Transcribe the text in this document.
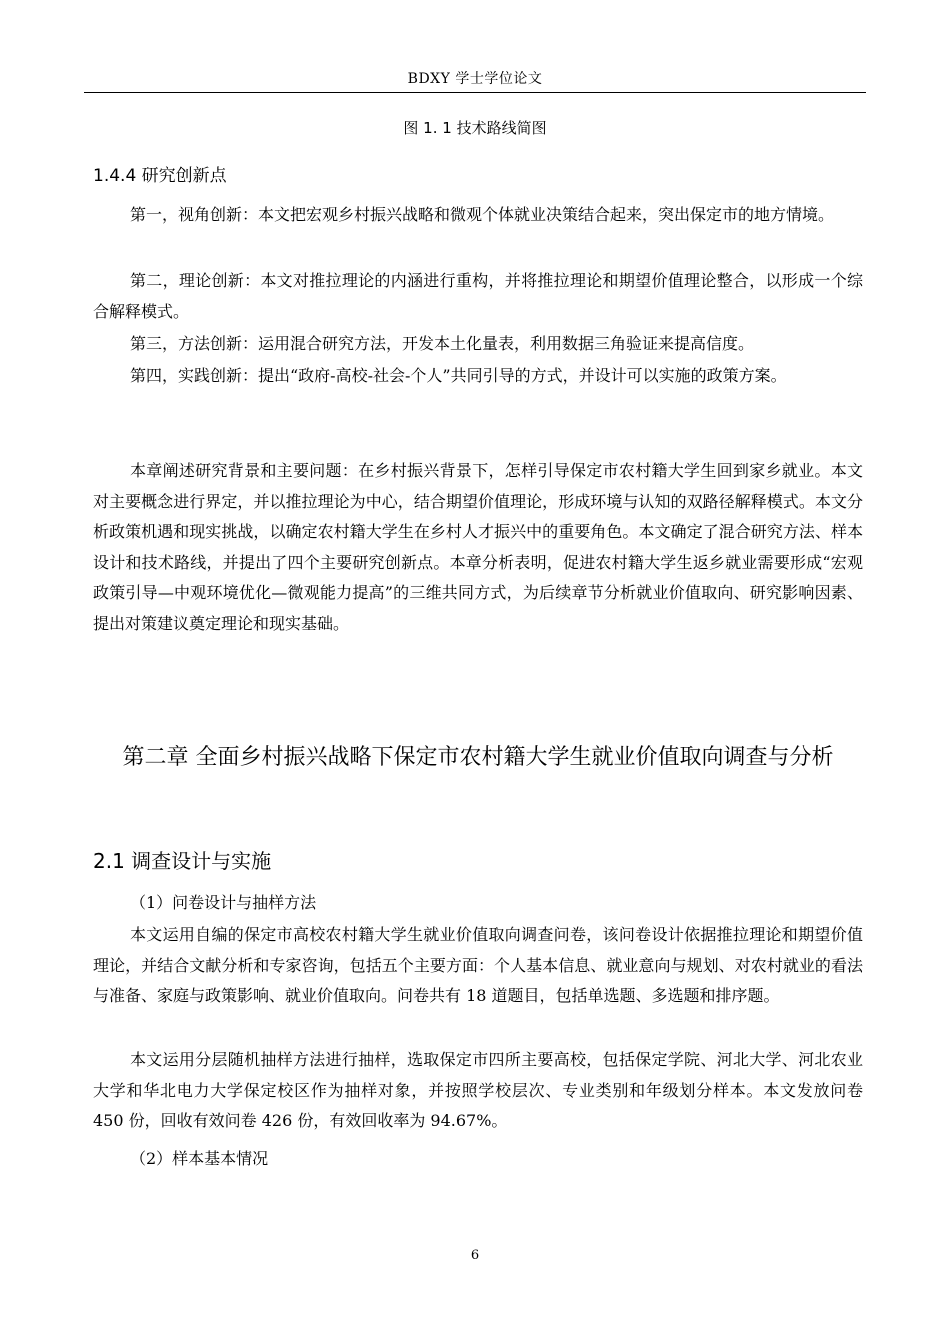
BDXY 学士学位论文
图 1. 1 技术路线简图
1.4.4 研究创新点

第一，视角创新：本文把宏观乡村振兴战略和微观个体就业决策结合起来，突出保定市的地方情境。

第二，理论创新：本文对推拉理论的内涵进行重构，并将推拉理论和期望价值理论整合，以形成一个综合解释模式。

第三，方法创新：运用混合研究方法，开发本土化量表，利用数据三角验证来提高信度。

第四，实践创新：提出“政府-高校-社会-个人”共同引导的方式，并设计可以实施的政策方案。

本章阐述研究背景和主要问题：在乡村振兴背景下，怎样引导保定市农村籍大学生回到家乡就业。本文对主要概念进行界定，并以推拉理论为中心，结合期望价值理论，形成环境与认知的双路径解释模式。本文分析政策机遇和现实挑战，以确定农村籍大学生在乡村人才振兴中的重要角色。本文确定了混合研究方法、样本设计和技术路线，并提出了四个主要研究创新点。本章分析表明，促进农村籍大学生返乡就业需要形成“宏观政策引导—中观环境优化—微观能力提高”的三维共同方式，为后续章节分析就业价值取向、研究影响因素、提出对策建议奠定理论和现实基础。

第二章 全面乡村振兴战略下保定市农村籍大学生就业价值取向调查与分析
2.1 调查设计与实施
（1）问卷设计与抽样方法

本文运用自编的保定市高校农村籍大学生就业价值取向调查问卷，该问卷设计依据推拉理论和期望价值理论，并结合文献分析和专家咨询，包括五个主要方面：个人基本信息、就业意向与规划、对农村就业的看法与准备、家庭与政策影响、就业价值取向。问卷共有 18 道题目，包括单选题、多选题和排序题。

本文运用分层随机抽样方法进行抽样，选取保定市四所主要高校，包括保定学院、河北大学、河北农业大学和华北电力大学保定校区作为抽样对象，并按照学校层次、专业类别和年级划分样本。本文发放问卷 450 份，回收有效问卷 426 份，有效回收率为 94.67%。

（2）样本基本情况
6
